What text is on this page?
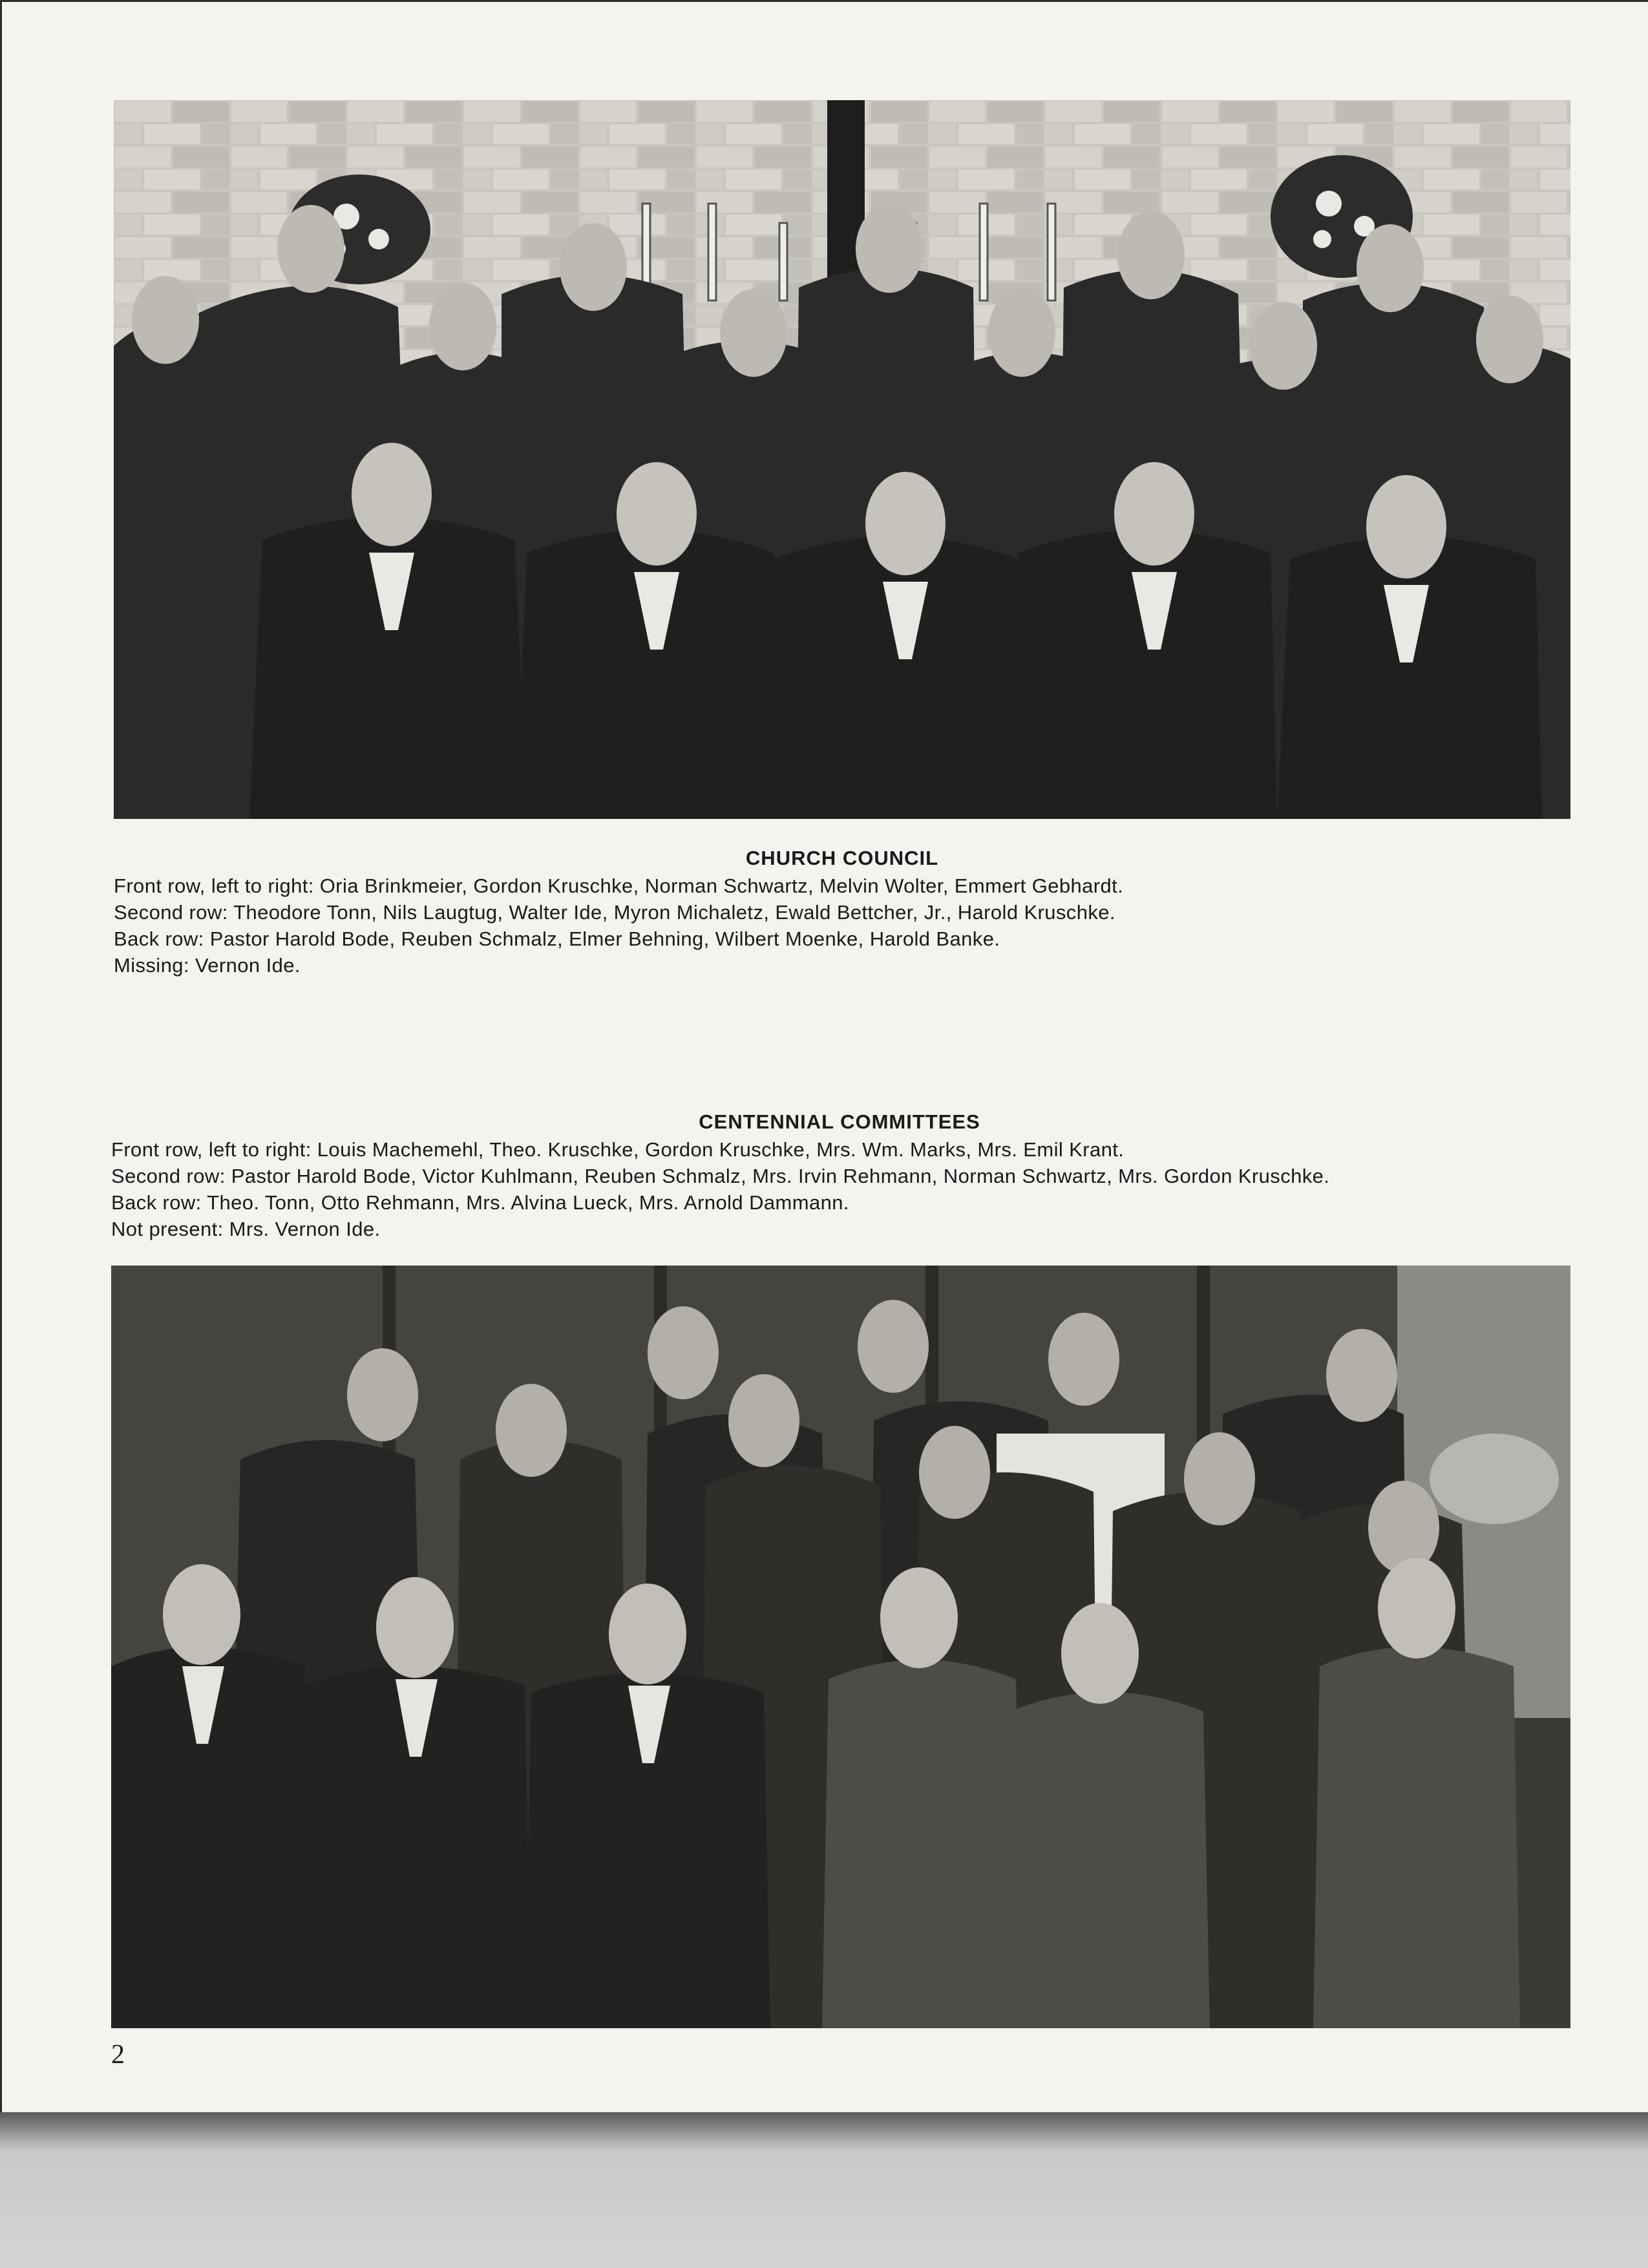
CHURCH COUNCIL
Front row, left to right: Oria Brinkmeier, Gordon Kruschke, Norman Schwartz, Melvin Wolter, Emmert Gebhardt.
Second row: Theodore Tonn, Nils Laugtug, Walter Ide, Myron Michaletz, Ewald Bettcher, Jr., Harold Kruschke.
Back row: Pastor Harold Bode, Reuben Schmalz, Elmer Behning, Wilbert Moenke, Harold Banke.
Missing: Vernon Ide.
CENTENNIAL COMMITTEES
Front row, left to right: Louis Machemehl, Theo. Kruschke, Gordon Kruschke, Mrs. Wm. Marks, Mrs. Emil Krant.
Second row: Pastor Harold Bode, Victor Kuhlmann, Reuben Schmalz, Mrs. Irvin Rehmann, Norman Schwartz, Mrs. Gordon Kruschke.
Back row: Theo. Tonn, Otto Rehmann, Mrs. Alvina Lueck, Mrs. Arnold Dammann.
Not present: Mrs. Vernon Ide.
2
